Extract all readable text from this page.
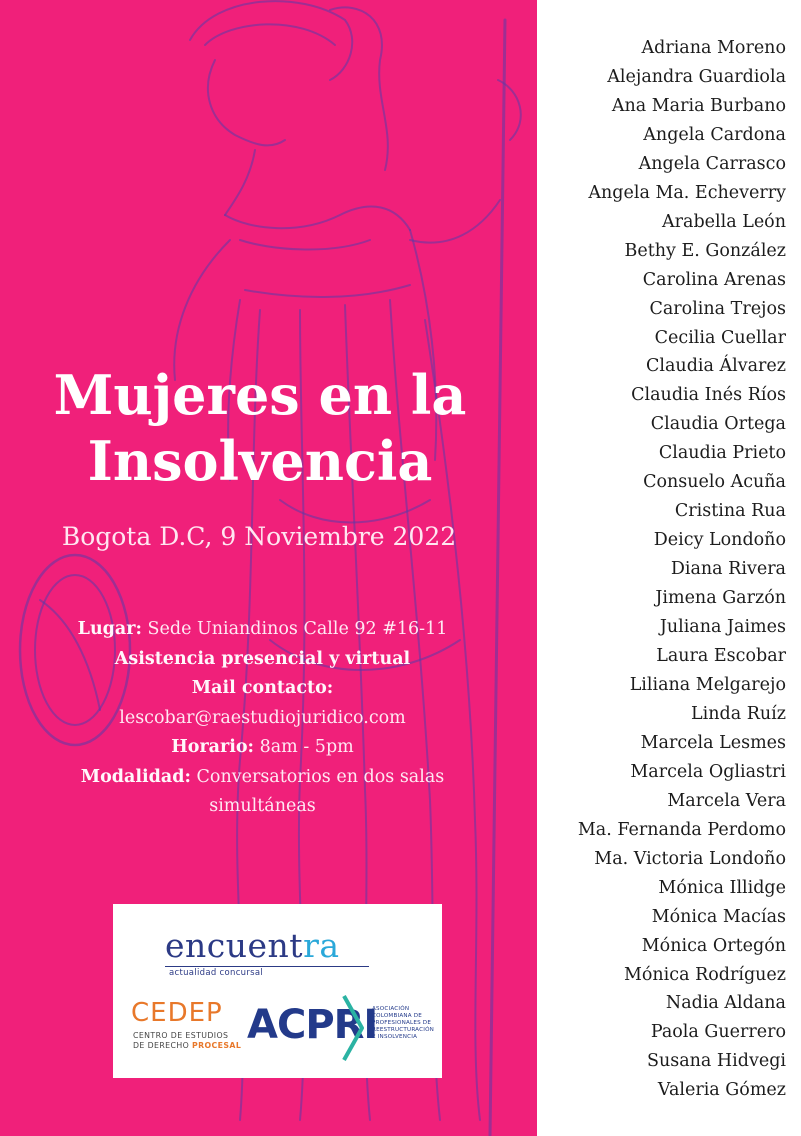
Mujeres en la
Insolvencia
Bogota D.C, 9 Noviembre 2022
Lugar: Sede Uniandinos Calle 92 #16-11
Asistencia presencial y virtual
Mail contacto:
lescobar@raestudiojuridico.com
Horario: 8am - 5pm
Modalidad: Conversatorios en dos salas
simultáneas
encuentra
actualidad concursal
CEDEP
CENTRO DE ESTUDIOS
DE DERECHO PROCESAL ACPRI
ASOCIACIÓN COLOMBIANA DE PROFESIONALES DE REESTRUCTURACIÓN E INSOLVENCIA
Adriana Moreno
Alejandra Guardiola
Ana Maria Burbano
Angela Cardona
Angela Carrasco
Angela Ma. Echeverry
Arabella León
Bethy E. González
Carolina Arenas
Carolina Trejos
Cecilia Cuellar
Claudia Álvarez
Claudia Inés Ríos
Claudia Ortega
Claudia Prieto
Consuelo Acuña
Cristina Rua
Deicy Londoño
Diana Rivera
Jimena Garzón
Juliana Jaimes
Laura Escobar
Liliana Melgarejo
Linda Ruíz
Marcela Lesmes
Marcela Ogliastri
Marcela Vera
Ma. Fernanda Perdomo
Ma. Victoria Londoño
Mónica Illidge
Mónica Macías
Mónica Ortegón
Mónica Rodríguez
Nadia Aldana
Paola Guerrero
Susana Hidvegi
Valeria Gómez
